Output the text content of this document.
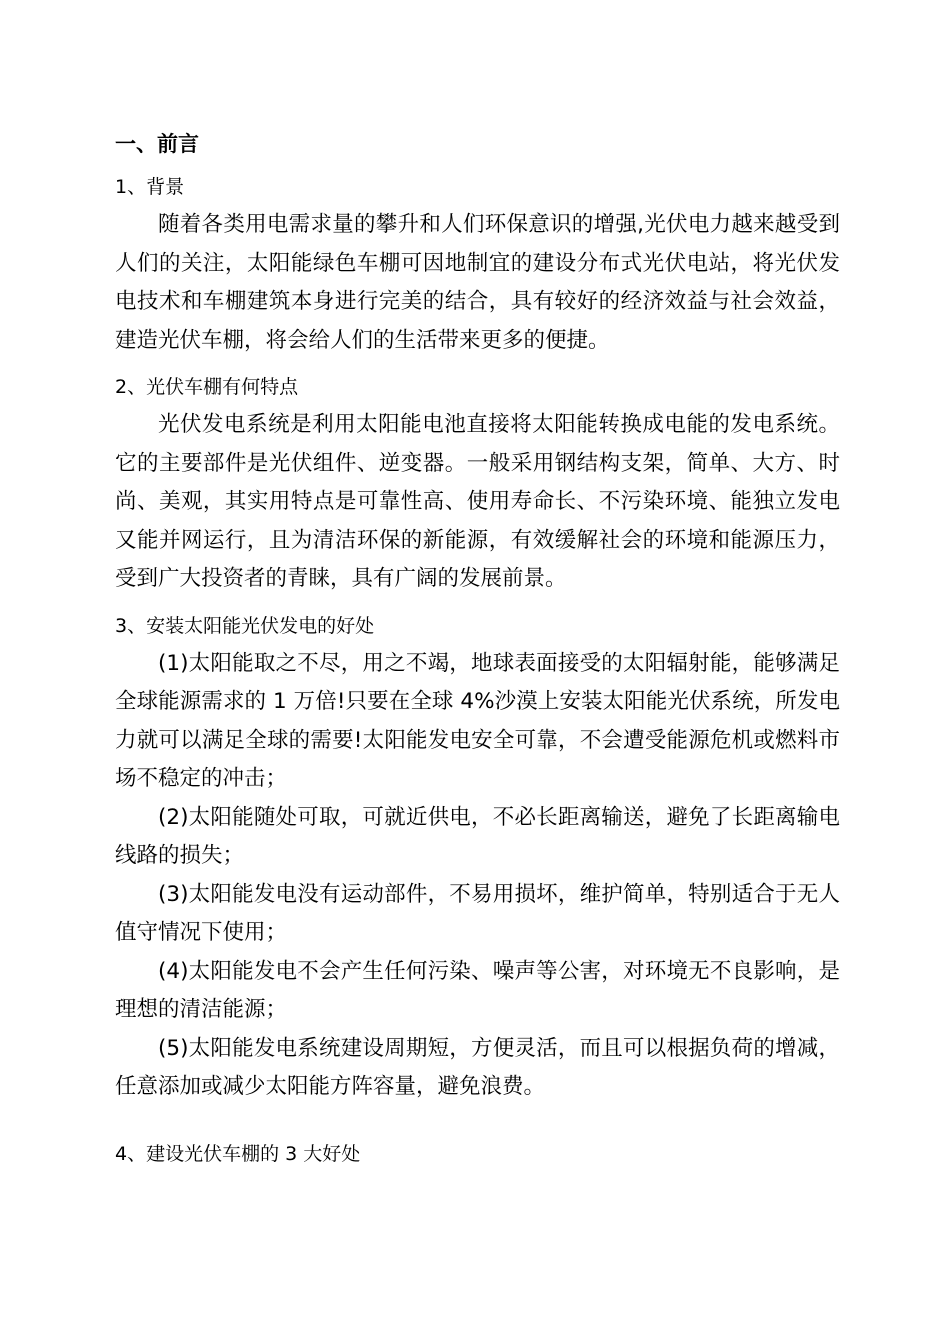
一、前言
1、背景

随着各类用电需求量的攀升和人们环保意识的增强,光伏电力越来越受到人们的关注，太阳能绿色车棚可因地制宜的建设分布式光伏电站，将光伏发电技术和车棚建筑本身进行完美的结合，具有较好的经济效益与社会效益，建造光伏车棚，将会给人们的生活带来更多的便捷。

2、光伏车棚有何特点

光伏发电系统是利用太阳能电池直接将太阳能转换成电能的发电系统。它的主要部件是光伏组件、逆变器。一般采用钢结构支架，简单、大方、时尚、美观，其实用特点是可靠性高、使用寿命长、不污染环境、能独立发电又能并网运行，且为清洁环保的新能源，有效缓解社会的环境和能源压力，受到广大投资者的青睐，具有广阔的发展前景。

3、安装太阳能光伏发电的好处

(1)太阳能取之不尽，用之不竭，地球表面接受的太阳辐射能，能够满足全球能源需求的 1 万倍!只要在全球 4%沙漠上安装太阳能光伏系统，所发电力就可以满足全球的需要!太阳能发电安全可靠，不会遭受能源危机或燃料市场不稳定的冲击；

(2)太阳能随处可取，可就近供电，不必长距离输送，避免了长距离输电线路的损失；

(3)太阳能发电没有运动部件，不易用损坏，维护简单，特别适合于无人值守情况下使用；

(4)太阳能发电不会产生任何污染、噪声等公害，对环境无不良影响，是理想的清洁能源；

(5)太阳能发电系统建设周期短，方便灵活，而且可以根据负荷的增减，任意添加或减少太阳能方阵容量，避免浪费。

4、建设光伏车棚的 3 大好处
